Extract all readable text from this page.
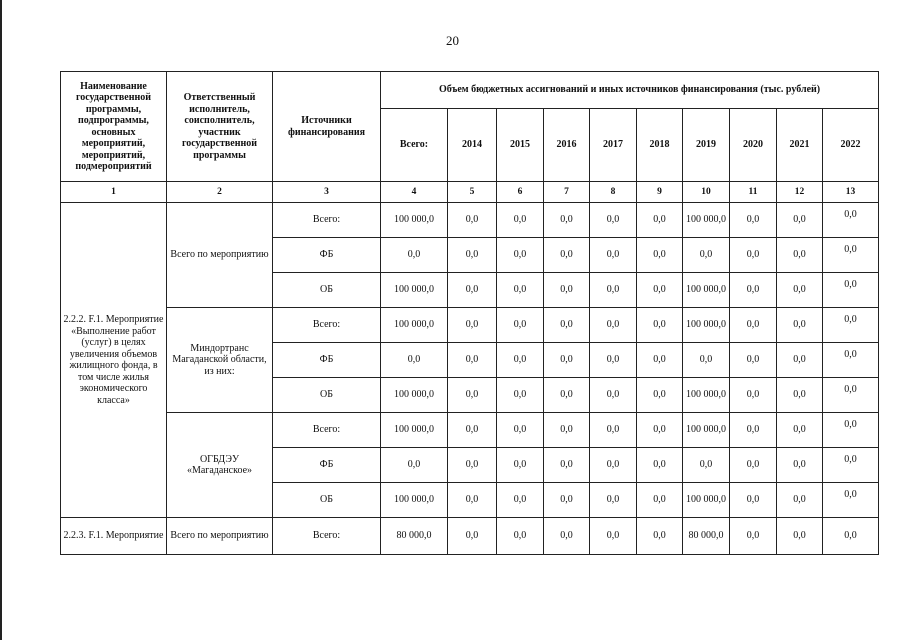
20
Наименование государственной программы, подпрограммы, основных мероприятий, мероприятий, подмероприятий	Ответственный исполнитель, соисполнитель, участник государственной программы	Источники финансирования	Объем бюджетных ассигнований и иных источников финансирования (тыс. рублей)									
			Всего:	2014	2015	2016	2017	2018	2019	2020	2021	2022
1	2	3	4	5	6	7	8	9	10	11	12	13
2.2.2. F.1. Мероприятие «Выполнение работ (услуг) в целях увеличения объемов жилищного фонда, в том числе жилья экономического класса»	Всего по мероприятию	Всего:	100 000,0	0,0	0,0	0,0	0,0	0,0	100 000,0	0,0	0,0	0,0
		ФБ	0,0	0,0	0,0	0,0	0,0	0,0	0,0	0,0	0,0	0,0
		ОБ	100 000,0	0,0	0,0	0,0	0,0	0,0	100 000,0	0,0	0,0	0,0
	Миндортранс Магаданской области, из них:	Всего:	100 000,0	0,0	0,0	0,0	0,0	0,0	100 000,0	0,0	0,0	0,0
		ФБ	0,0	0,0	0,0	0,0	0,0	0,0	0,0	0,0	0,0	0,0
		ОБ	100 000,0	0,0	0,0	0,0	0,0	0,0	100 000,0	0,0	0,0	0,0
	ОГБДЭУ «Магаданское»	Всего:	100 000,0	0,0	0,0	0,0	0,0	0,0	100 000,0	0,0	0,0	0,0
		ФБ	0,0	0,0	0,0	0,0	0,0	0,0	0,0	0,0	0,0	0,0
		ОБ	100 000,0	0,0	0,0	0,0	0,0	0,0	100 000,0	0,0	0,0	0,0
2.2.3. F.1. Мероприятие	Всего по мероприятию	Всего:	80 000,0	0,0	0,0	0,0	0,0	0,0	80 000,0	0,0	0,0	0,0
